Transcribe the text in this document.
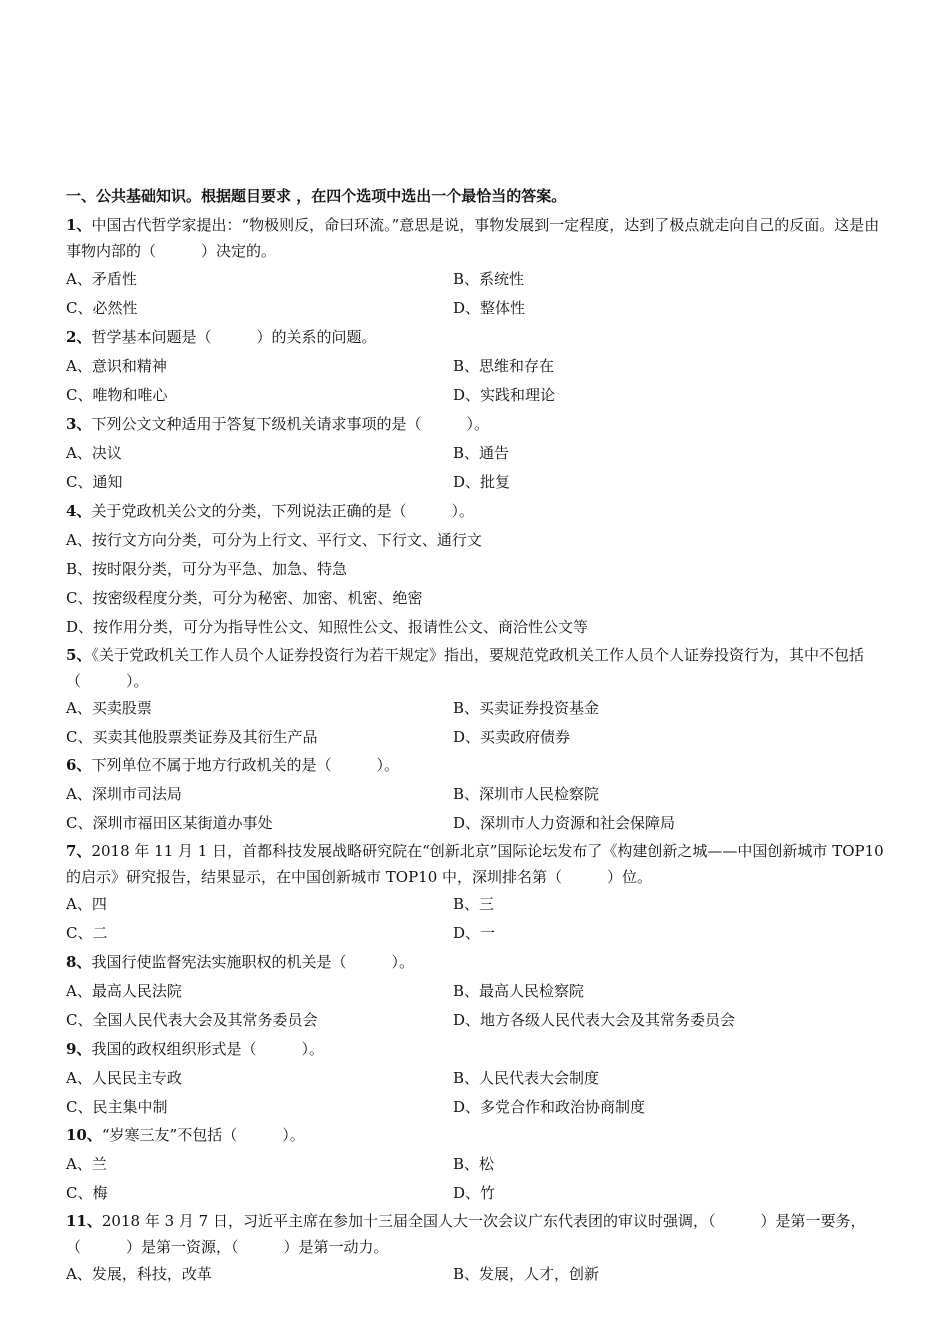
一、公共基础知识。根据题目要求 ，在四个选项中选出一个最恰当的答案。
1、中国古代哲学家提出：“物极则反，命曰环流。”意思是说，事物发展到一定程度，达到了极点就走向自己的反面。这是由事物内部的（　　　）决定的。
A、矛盾性	B、系统性
C、必然性	D、整体性
2、哲学基本问题是（　　　）的关系的问题。
A、意识和精神	B、思维和存在
C、唯物和唯心	D、实践和理论
3、下列公文文种适用于答复下级机关请求事项的是（　　　）。
A、决议	B、通告
C、通知	D、批复
4、关于党政机关公文的分类，下列说法正确的是（　　　）。
A、按行文方向分类，可分为上行文、平行文、下行文、通行文
B、按时限分类，可分为平急、加急、特急
C、按密级程度分类，可分为秘密、加密、机密、绝密
D、按作用分类，可分为指导性公文、知照性公文、报请性公文、商洽性公文等
5、《关于党政机关工作人员个人证券投资行为若干规定》指出，要规范党政机关工作人员个人证券投资行为，其中不包括（　　　）。
A、买卖股票	B、买卖证券投资基金
C、买卖其他股票类证券及其衍生产品	D、买卖政府债券
6、下列单位不属于地方行政机关的是（　　　）。
A、深圳市司法局	B、深圳市人民检察院
C、深圳市福田区某街道办事处	D、深圳市人力资源和社会保障局
7、2018 年 11 月 1 日，首都科技发展战略研究院在“创新北京”国际论坛发布了《构建创新之城——中国创新城市 TOP10 的启示》研究报告，结果显示，在中国创新城市 TOP10 中，深圳排名第（　　　）位。
A、四	B、三
C、二	D、一
8、我国行使监督宪法实施职权的机关是（　　　）。
A、最高人民法院	B、最高人民检察院
C、全国人民代表大会及其常务委员会	D、地方各级人民代表大会及其常务委员会
9、我国的政权组织形式是（　　　）。
A、人民民主专政	B、人民代表大会制度
C、民主集中制	D、多党合作和政治协商制度
10、“岁寒三友”不包括（　　　）。
A、兰	B、松
C、梅	D、竹
11、2018 年 3 月 7 日，习近平主席在参加十三届全国人大一次会议广东代表团的审议时强调，（　　　）是第一要务，（　　　）是第一资源，（　　　）是第一动力。
A、发展，科技，改革	B、发展，人才，创新
